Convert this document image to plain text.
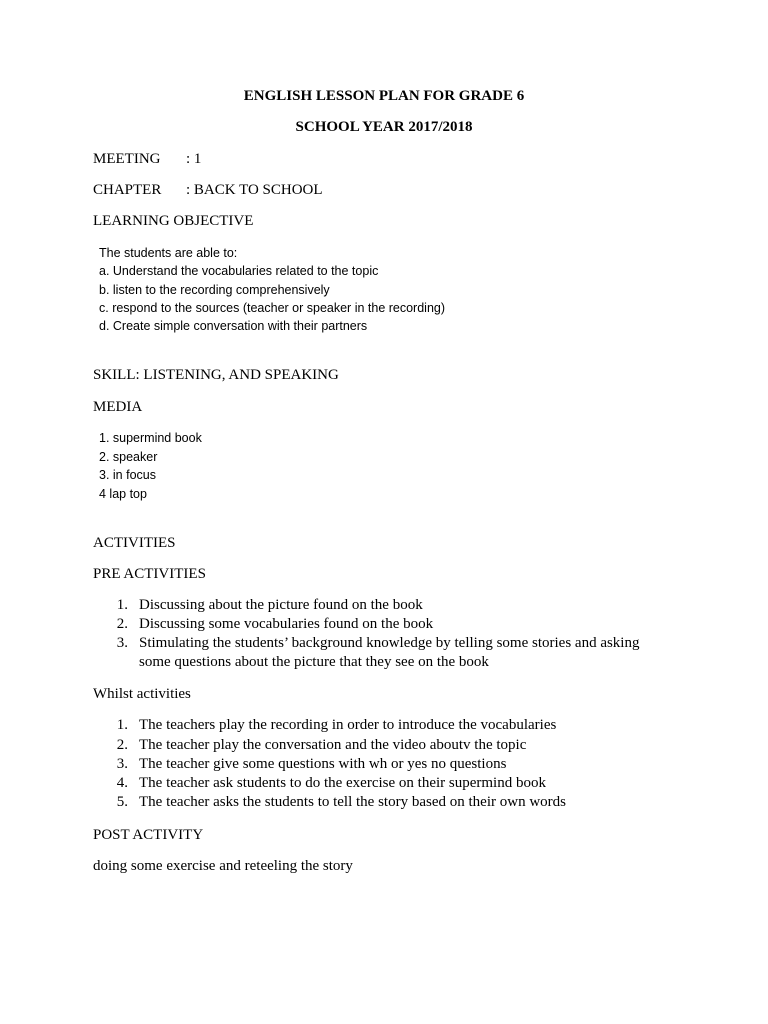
ENGLISH LESSON PLAN FOR GRADE 6
SCHOOL YEAR 2017/2018
MEETING : 1
CHAPTER : BACK TO SCHOOL
LEARNING OBJECTIVE
The students are able to:
a. Understand the vocabularies related to the topic
b. listen to the recording comprehensively
c. respond to the sources (teacher or speaker in the recording)
d. Create simple conversation with their partners
SKILL: LISTENING, AND SPEAKING
MEDIA
1. supermind book
2. speaker
3. in focus
4 lap top
ACTIVITIES
PRE ACTIVITIES
1. Discussing about the picture found on the book
2. Discussing some vocabularies found on the book
3. Stimulating the students’ background knowledge by telling some stories and asking
some questions about the picture that they see on the book
Whilst activities
1. The teachers play the recording in order to introduce the vocabularies
2. The teacher play the conversation and the video aboutv the topic
3. The teacher give some questions with wh or yes no questions
4. The teacher ask students to do the exercise on their supermind book
5. The teacher asks the students to tell the story based on their own words
POST ACTIVITY
doing some exercise and reteeling the story
